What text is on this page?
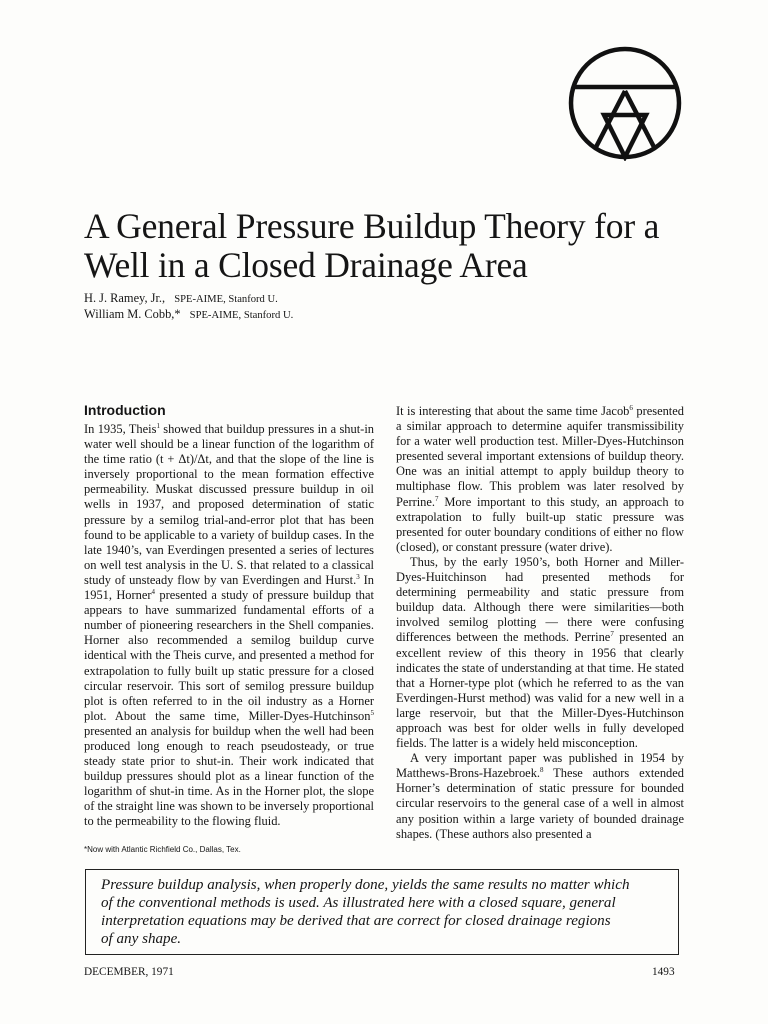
A General Pressure Buildup Theory for a
Well in a Closed Drainage Area
H. J. Ramey, Jr., SPE-AIME, Stanford U.
William M. Cobb,* SPE-AIME, Stanford U.
Introduction

In 1935, Theis$^1$ showed that buildup pressures in a shut-in water well should be a linear function of the logarithm of the time ratio (t + Δt)/Δt, and that the slope of the line is inversely proportional to the mean formation effective permeability. Muskat discussed pressure buildup in oil wells in 1937, and proposed determination of static pressure by a semilog trial-and-error plot that has been found to be applicable to a variety of buildup cases. In the late 1940’s, van Everdingen presented a series of lectures on well test analysis in the U. S. that related to a classical study of unsteady flow by van Everdingen and Hurst.$^3$ In 1951, Horner$^4$ presented a study of pressure buildup that appears to have summarized fundamental efforts of a number of pioneering researchers in the Shell companies. Horner also recommended a semilog buildup curve identical with the Theis curve, and presented a method for extrapolation to fully built up static pressure for a closed circular reservoir. This sort of semilog pressure buildup plot is often referred to in the oil industry as a Horner plot. About the same time, Miller-Dyes-Hutchinson$^5$ presented an analysis for buildup when the well had been produced long enough to reach pseudosteady, or true steady state prior to shut-in. Their work indicated that buildup pressures should plot as a linear function of the logarithm of shut-in time. As in the Horner plot, the slope of the straight line was shown to be inversely proportional to the permeability to the flowing fluid.

*Now with Atlantic Richfield Co., Dallas, Tex.

It is interesting that about the same time Jacob$^6$ presented a similar approach to determine aquifer transmissibility for a water well production test. Miller-Dyes-Hutchinson presented several important extensions of buildup theory. One was an initial attempt to apply buildup theory to multiphase flow. This problem was later resolved by Perrine.$^7$ More important to this study, an approach to extrapolation to fully built-up static pressure was presented for outer boundary conditions of either no flow (closed), or constant pressure (water drive).

Thus, by the early 1950’s, both Horner and Miller-Dyes-Huitchinson had presented methods for determining permeability and static pressure from buildup data. Although there were similarities—both involved semilog plotting — there were confusing differences between the methods. Perrine$^7$ presented an excellent review of this theory in 1956 that clearly indicates the state of understanding at that time. He stated that a Horner-type plot (which he referred to as the van Everdingen-Hurst method) was valid for a new well in a large reservoir, but that the Miller-Dyes-Hutchinson approach was best for older wells in fully developed fields. The latter is a widely held misconception.

A very important paper was published in 1954 by Matthews-Brons-Hazebroek.$^8$ These authors extended Horner’s determination of static pressure for bounded circular reservoirs to the general case of a well in almost any position within a large variety of bounded drainage shapes. (These authors also presented a

Pressure buildup analysis, when properly done, yields the same results no matter which
of the conventional methods is used. As illustrated here with a closed square, general
interpretation equations may be derived that are correct for closed drainage regions
of any shape.
DECEMBER, 1971	1493
